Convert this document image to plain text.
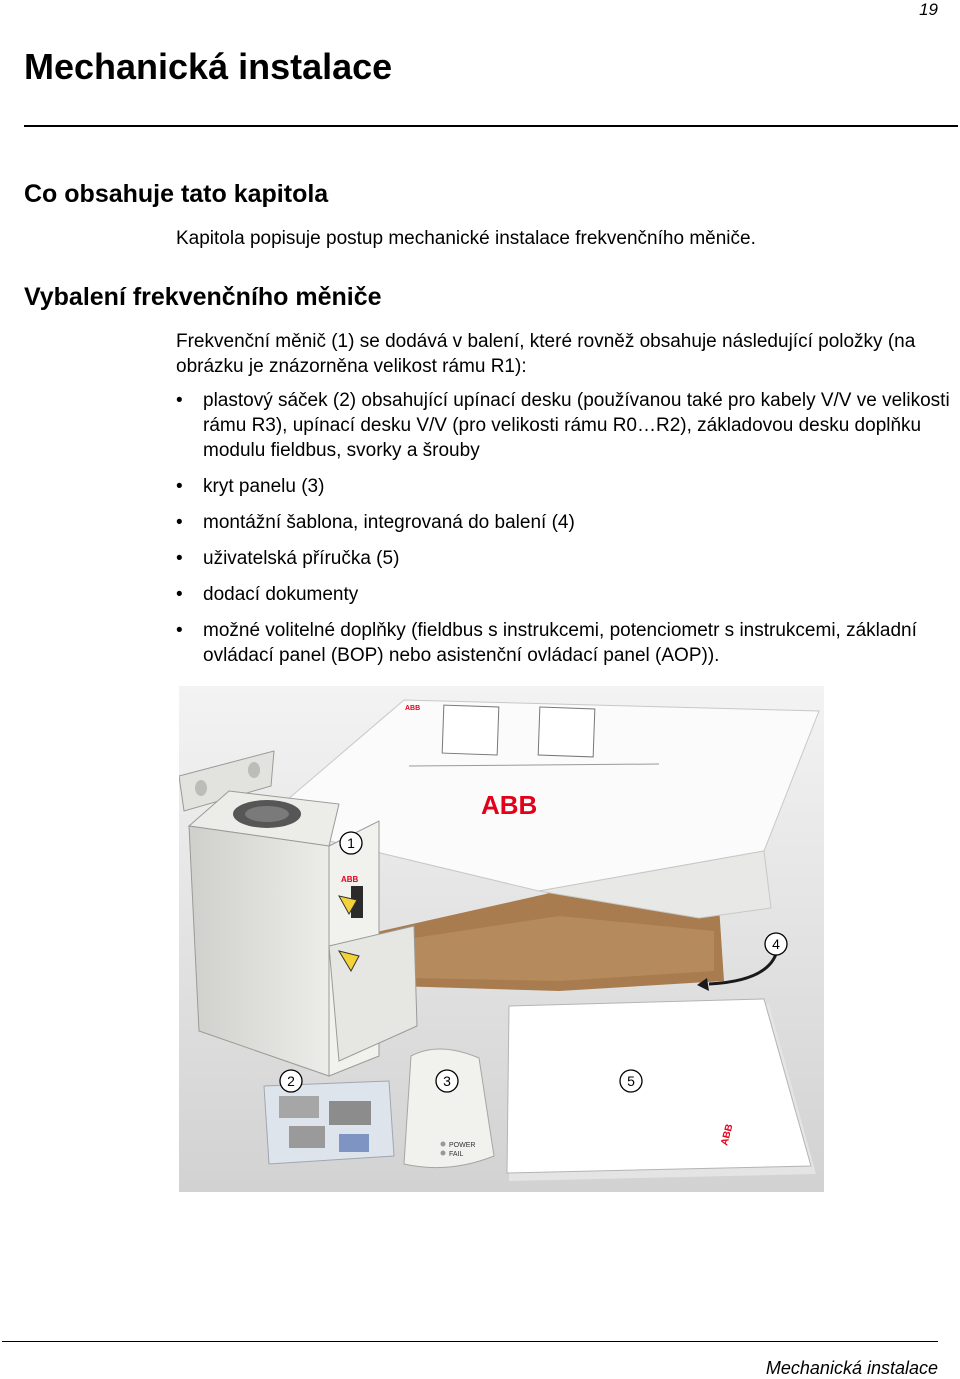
19
Mechanická instalace
Co obsahuje tato kapitola

Kapitola popisuje postup mechanické instalace frekvenčního měniče.

Vybalení frekvenčního měniče

Frekvenční měnič (1) se dodává v balení, které rovněž obsahuje následující položky (na obrázku je znázorněna velikost rámu R1):

• plastový sáček (2) obsahující upínací desku (používanou také pro kabely V/V ve velikosti rámu R3), upínací desku V/V (pro velikosti rámu R0…R2), základovou desku doplňku modulu fieldbus, svorky a šrouby
• kryt panelu (3)
• montážní šablona, integrovaná do balení (4)
• uživatelská příručka (5)
• dodací dokumenty
• možné volitelné doplňky (fieldbus s instrukcemi, potenciometr s instrukcemi, základní ovládací panel (BOP) nebo asistenční ovládací panel (AOP)).
ABB
ABB
ABB
POWER
FAIL
ABB
1
4
2	3	5
Mechanická instalace
